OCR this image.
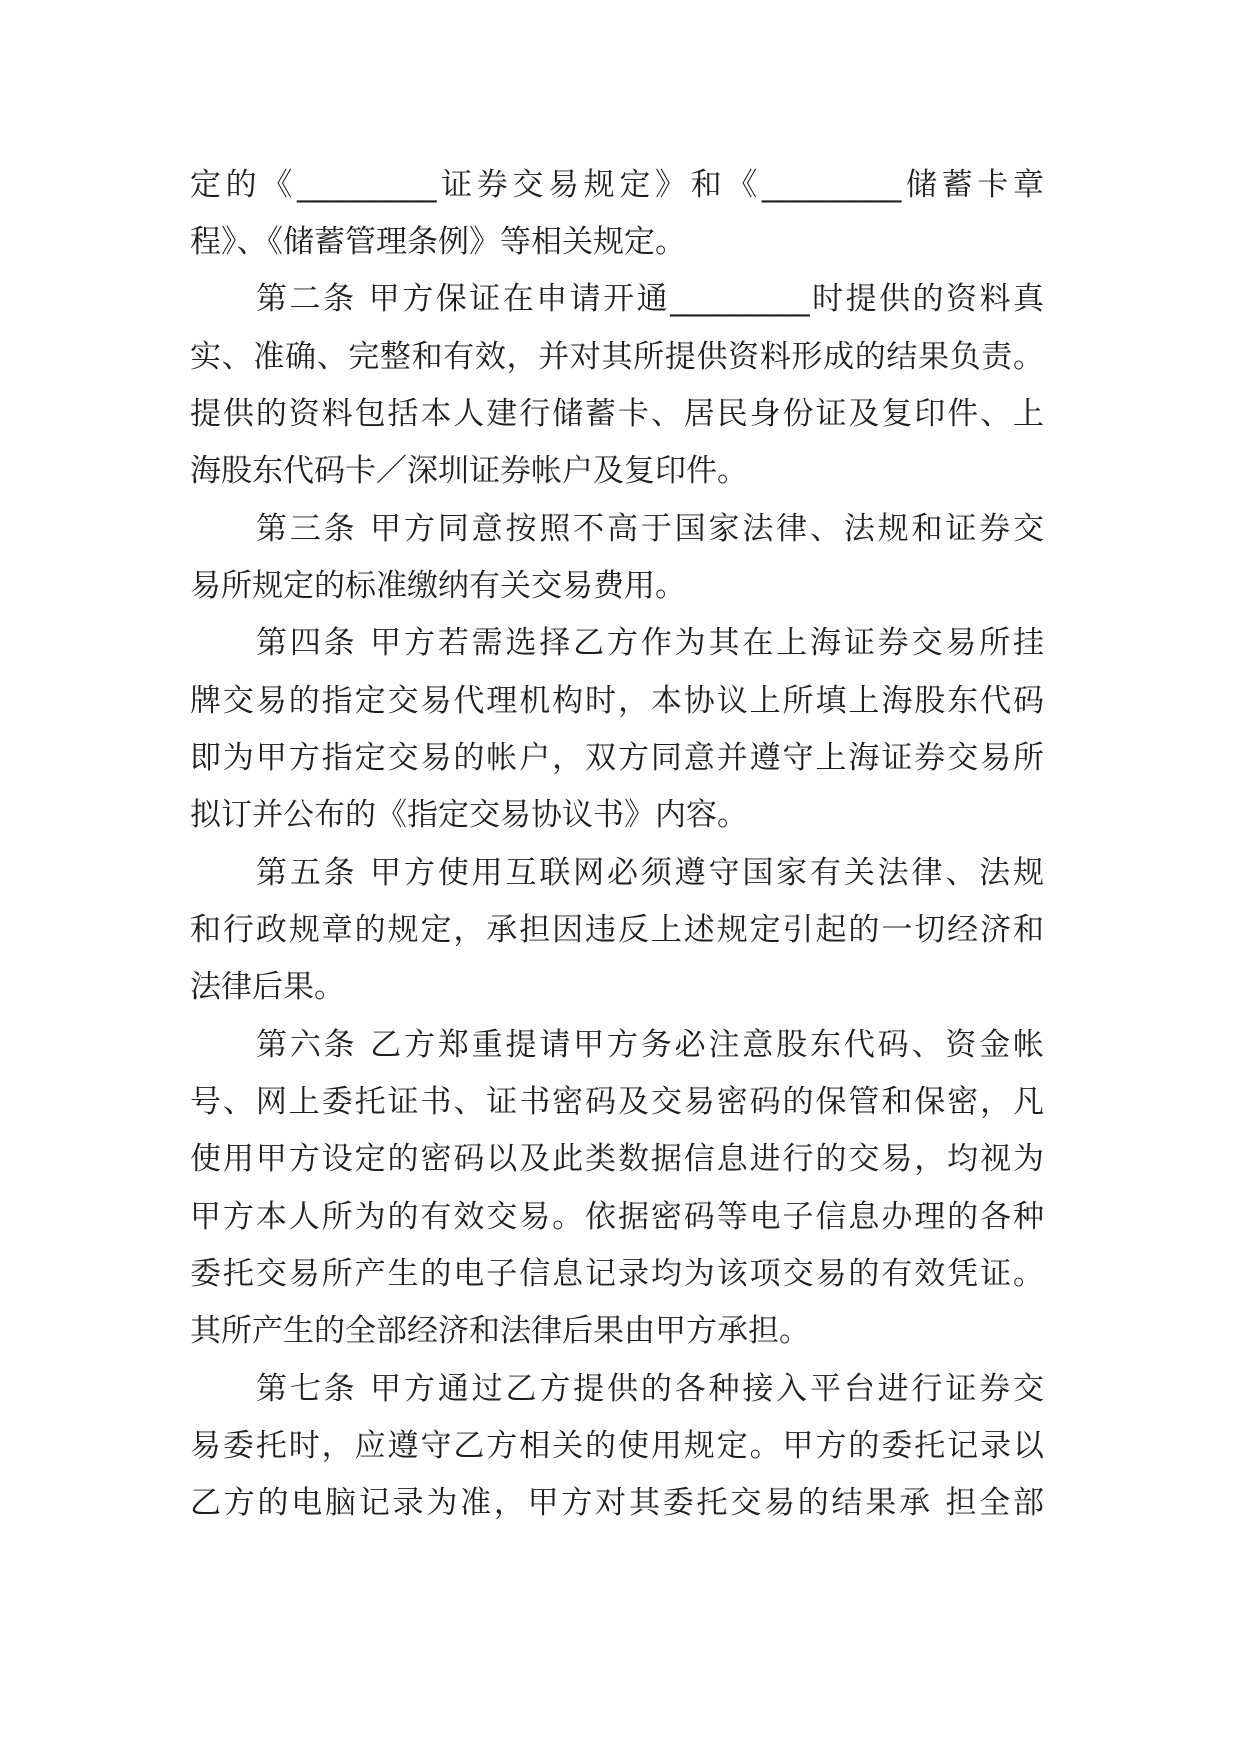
定的《_________证券交易规定》和《_________储蓄卡章

程》、《储蓄管理条例》等相关规定。

第二条 甲方保证在申请开通_________时提供的资料真

实、准确、完整和有效，并对其所提供资料形成的结果负责。

提供的资料包括本人建行储蓄卡、居民身份证及复印件、上

海股东代码卡／深圳证券帐户及复印件。

第三条 甲方同意按照不高于国家法律、法规和证券交

易所规定的标准缴纳有关交易费用。

第四条 甲方若需选择乙方作为其在上海证券交易所挂

牌交易的指定交易代理机构时，本协议上所填上海股东代码

即为甲方指定交易的帐户，双方同意并遵守上海证券交易所

拟订并公布的《指定交易协议书》内容。

第五条 甲方使用互联网必须遵守国家有关法律、法规

和行政规章的规定，承担因违反上述规定引起的一切经济和

法律后果。

第六条 乙方郑重提请甲方务必注意股东代码、资金帐

号、网上委托证书、证书密码及交易密码的保管和保密，凡

使用甲方设定的密码以及此类数据信息进行的交易，均视为

甲方本人所为的有效交易。依据密码等电子信息办理的各种

委托交易所产生的电子信息记录均为该项交易的有效凭证。

其所产生的全部经济和法律后果由甲方承担。

第七条 甲方通过乙方提供的各种接入平台进行证券交

易委托时，应遵守乙方相关的使用规定。甲方的委托记录以

乙方的电脑记录为准，甲方对其委托交易的结果承 担全部
